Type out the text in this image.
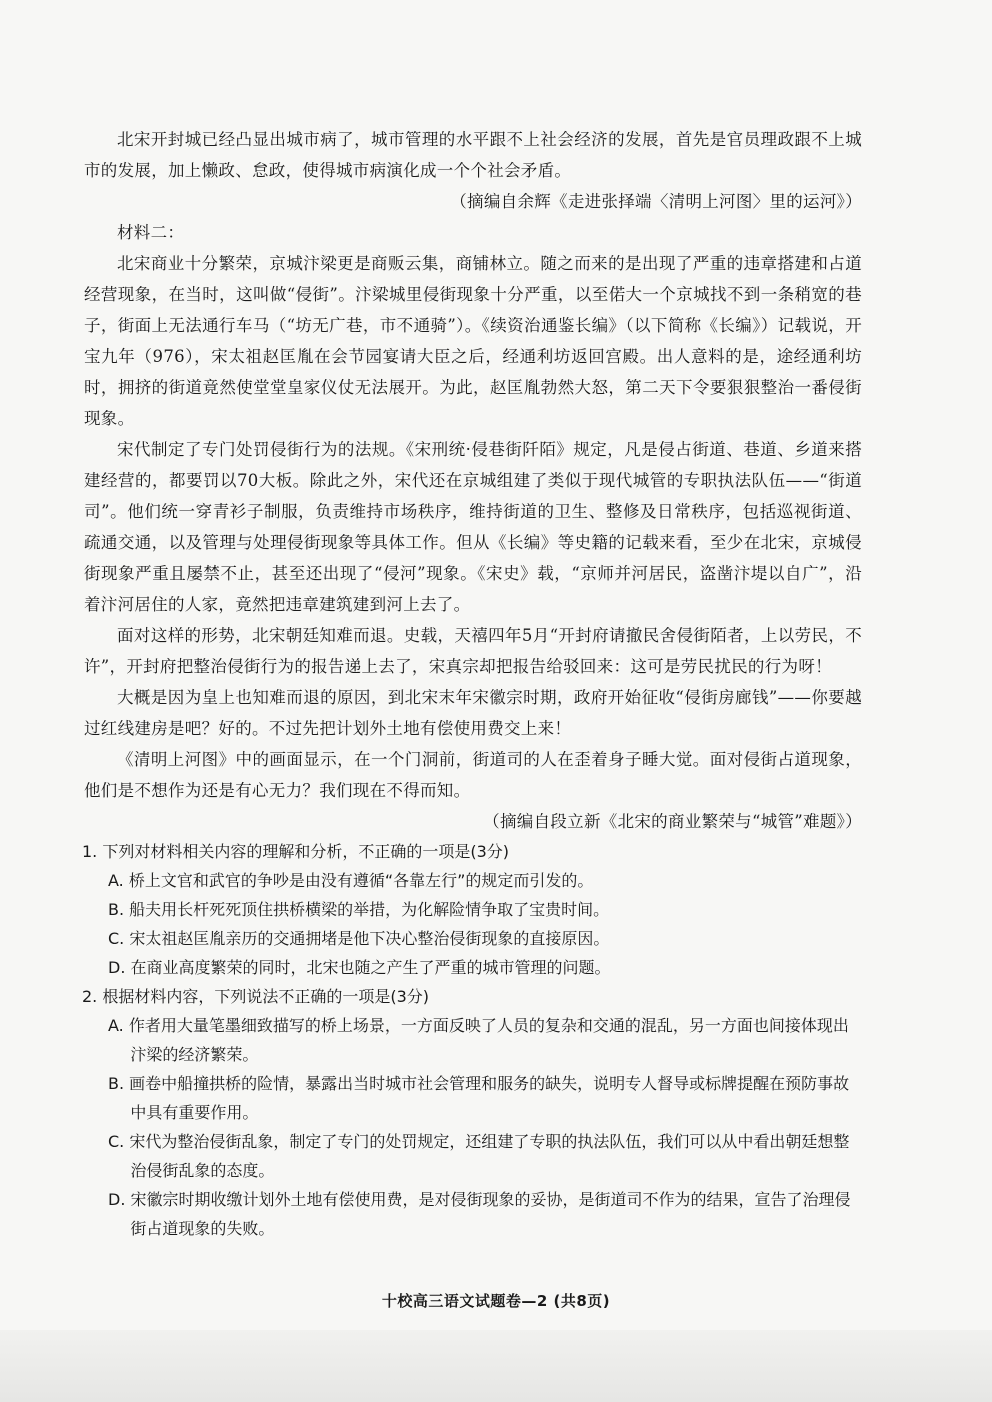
北宋开封城已经凸显出城市病了，城市管理的水平跟不上社会经济的发展，首先是官员理政跟不上城市的发展，加上懒政、怠政，使得城市病演化成一个个社会矛盾。

（摘编自余辉《走进张择端〈清明上河图〉里的运河》）

材料二：

北宋商业十分繁荣，京城汴梁更是商贩云集，商铺林立。随之而来的是出现了严重的违章搭建和占道经营现象，在当时，这叫做“侵街”。汴梁城里侵街现象十分严重，以至偌大一个京城找不到一条稍宽的巷子，街面上无法通行车马（“坊无广巷，市不通骑”）。《续资治通鉴长编》（以下简称《长编》）记载说，开宝九年（976），宋太祖赵匡胤在会节园宴请大臣之后，经通利坊返回宫殿。出人意料的是，途经通利坊时，拥挤的街道竟然使堂堂皇家仪仗无法展开。为此，赵匡胤勃然大怒，第二天下令要狠狠整治一番侵街现象。

宋代制定了专门处罚侵街行为的法规。《宋刑统·侵巷街阡陌》规定，凡是侵占街道、巷道、乡道来搭建经营的，都要罚以70大板。除此之外，宋代还在京城组建了类似于现代城管的专职执法队伍——“街道司”。他们统一穿青衫子制服，负责维持市场秩序，维持街道的卫生、整修及日常秩序，包括巡视街道、疏通交通，以及管理与处理侵街现象等具体工作。但从《长编》等史籍的记载来看，至少在北宋，京城侵街现象严重且屡禁不止，甚至还出现了“侵河”现象。《宋史》载，“京师并河居民，盗凿汴堤以自广”，沿着汴河居住的人家，竟然把违章建筑建到河上去了。

面对这样的形势，北宋朝廷知难而退。史载，天禧四年5月“开封府请撤民舍侵街陌者，上以劳民，不许”，开封府把整治侵街行为的报告递上去了，宋真宗却把报告给驳回来：这可是劳民扰民的行为呀！

大概是因为皇上也知难而退的原因，到北宋末年宋徽宗时期，政府开始征收“侵街房廊钱”——你要越过红线建房是吧？好的。不过先把计划外土地有偿使用费交上来！

《清明上河图》中的画面显示，在一个门洞前，街道司的人在歪着身子睡大觉。面对侵街占道现象，他们是不想作为还是有心无力？我们现在不得而知。

（摘编自段立新《北宋的商业繁荣与“城管”难题》）

1. 下列对材料相关内容的理解和分析，不正确的一项是(3分)
A. 桥上文官和武官的争吵是由没有遵循“各靠左行”的规定而引发的。
B. 船夫用长杆死死顶住拱桥横梁的举措，为化解险情争取了宝贵时间。
C. 宋太祖赵匡胤亲历的交通拥堵是他下决心整治侵街现象的直接原因。
D. 在商业高度繁荣的同时，北宋也随之产生了严重的城市管理的问题。
2. 根据材料内容，下列说法不正确的一项是(3分)
A. 作者用大量笔墨细致描写的桥上场景，一方面反映了人员的复杂和交通的混乱，另一方面也间接体现出汴梁的经济繁荣。
B. 画卷中船撞拱桥的险情，暴露出当时城市社会管理和服务的缺失，说明专人督导或标牌提醒在预防事故中具有重要作用。
C. 宋代为整治侵街乱象，制定了专门的处罚规定，还组建了专职的执法队伍，我们可以从中看出朝廷想整治侵街乱象的态度。
D. 宋徽宗时期收缴计划外土地有偿使用费，是对侵街现象的妥协，是街道司不作为的结果，宣告了治理侵街占道现象的失败。
十校高三语文试题卷—2 (共8页)
